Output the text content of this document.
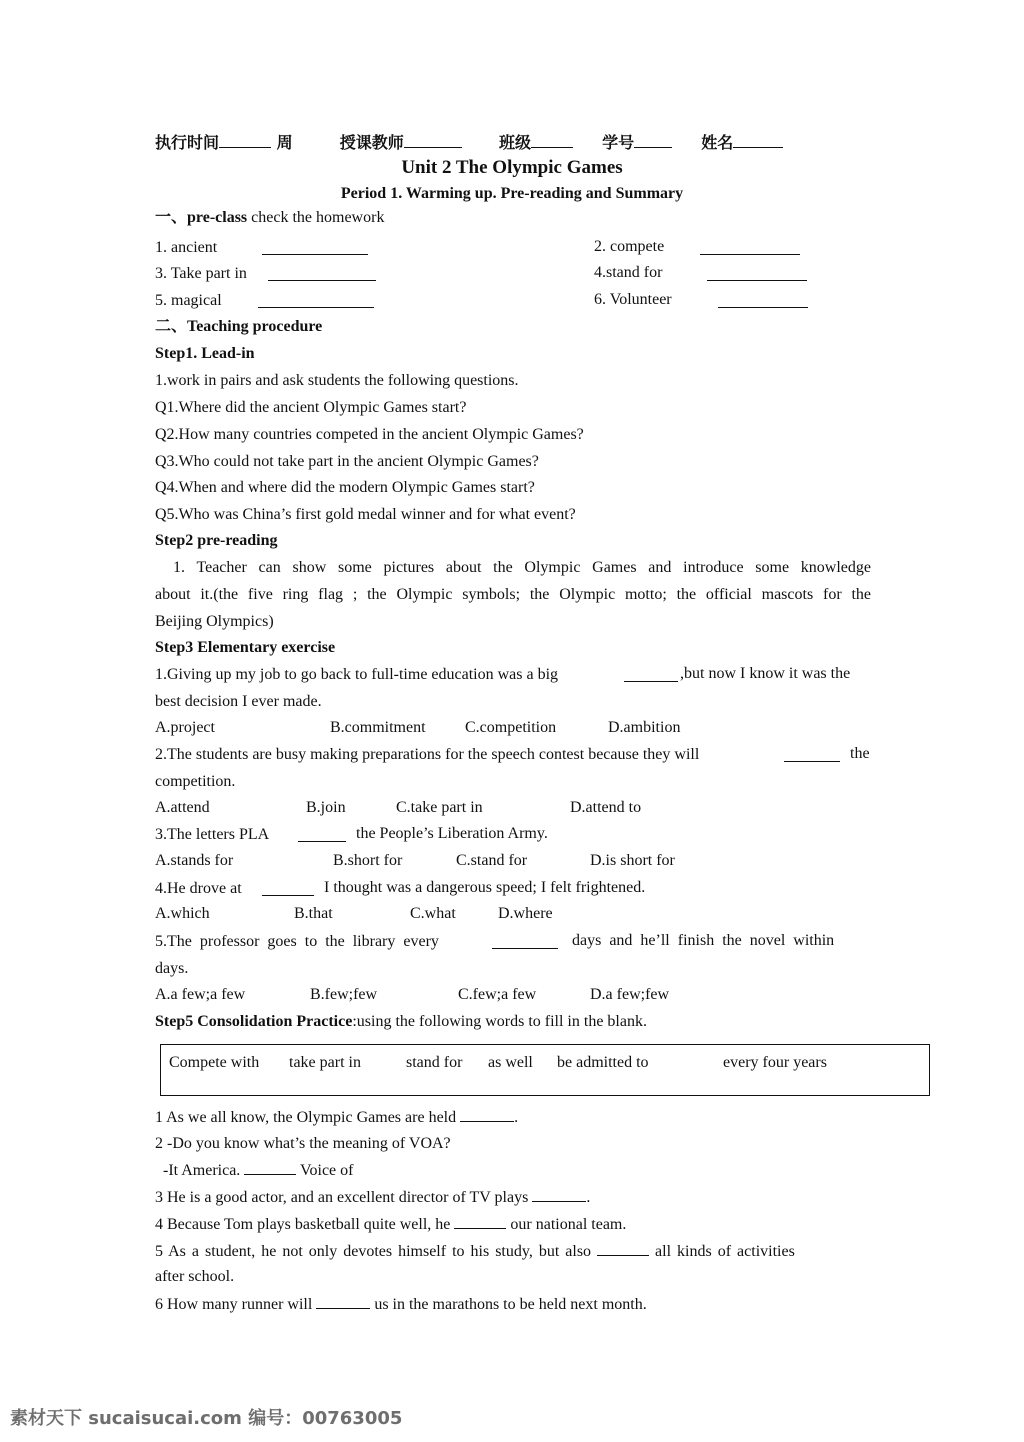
执行时间	周	授课教师	班级	学号	姓名
Unit 2 The Olympic Games
Period 1. Warming up. Pre-reading and Summary
一、pre-class check the homework
1. ancient	2. compete
3. Take part in	4.stand for
5. magical	6. Volunteer
二、Teaching procedure
Step1. Lead-in
1.work in pairs and ask students the following questions.
Q1.Where did the ancient Olympic Games start?
Q2.How many countries competed in the ancient Olympic Games?
Q3.Who could not take part in the ancient Olympic Games?
Q4.When and where did the modern Olympic Games start?
Q5.Who was China’s first gold medal winner and for what event?
Step2 pre-reading
1. Teacher can show some pictures about the Olympic Games and introduce some knowledge
about it.(the five ring flag ; the Olympic symbols; the Olympic motto; the official mascots for the
Beijing Olympics)
Step3 Elementary exercise
1.Giving up my job to go back to full-time education was a big	,but now I know it was the
best decision I ever made.
A.project	B.commitment C.competition	D.ambition
2.The students are busy making preparations for the speech contest because they will	the
competition.
A.attend	B.join	C.take part in	D.attend to
3.The letters PLA	the People’s Liberation Army.
A.stands for	B.short for	C.stand for	D.is short for
4.He drove at	I thought was a dangerous speed; I felt frightened.
A.which	B.that	C.what	D.where
5.The professor goes to the library every	days and he’ll finish the novel within
days.
A.a few;a few	B.few;few	C.few;a few	D.a few;few
Step5 Consolidation Practice:using the following words to fill in the blank.
Compete with take part in	stand for as well be admitted to	every four years
1 As we all know, the Olympic Games are held	.
2 -Do you know what’s the meaning of VOA?
-It America.	Voice of
3 He is a good actor, and an excellent director of TV plays	.
4 Because Tom plays basketball quite well, he	our national team.
5 As a student, he not only devotes himself to his study, but also	all kinds of activities
after school.
6 How many runner will	us in the marathons to be held next month.
素材天下 sucaisucai.com 编号：00763005
